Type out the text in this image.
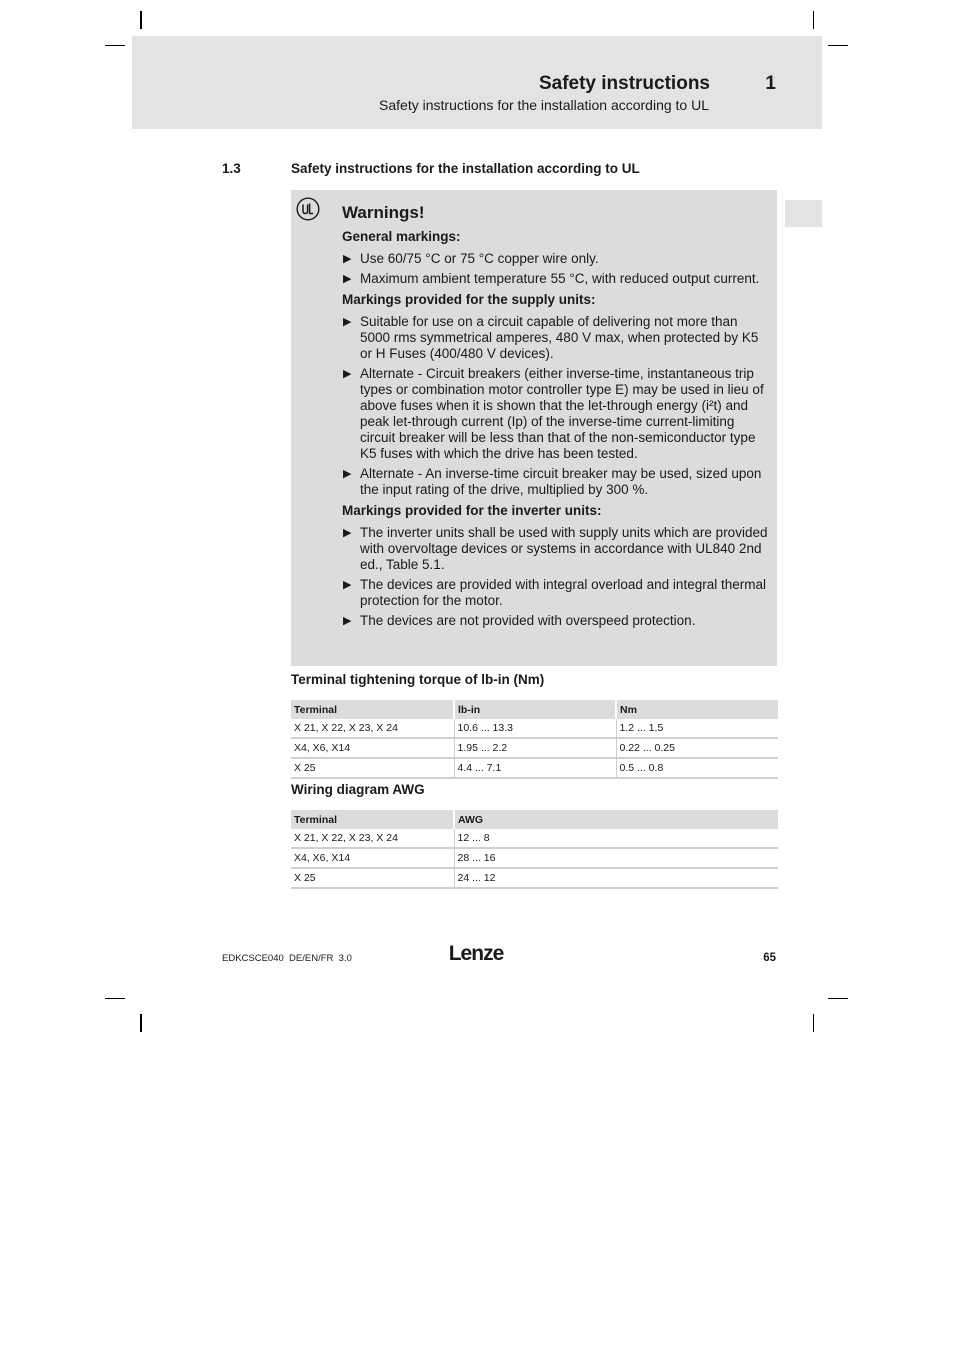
Safety instructions	1
Safety instructions for the installation according to UL
1.3	Safety instructions for the installation according to UL
Warnings!
General markings:
▶ Use 60/75 °C or 75 °C copper wire only.
▶ Maximum ambient temperature 55 °C, with reduced output current.
Markings provided for the supply units:
▶ Suitable for use on a circuit capable of delivering not more than 5000 rms symmetrical amperes, 480 V max, when protected by K5 or H Fuses (400/480 V devices).
▶ Alternate - Circuit breakers (either inverse-time, instantaneous trip types or combination motor controller type E) may be used in lieu of above fuses when it is shown that the let-through energy (i²t) and peak let-through current (Ip) of the inverse-time current-limiting circuit breaker will be less than that of the non-semiconductor type K5 fuses with which the drive has been tested.
▶ Alternate - An inverse-time circuit breaker may be used, sized upon the input rating of the drive, multiplied by 300 %.
Markings provided for the inverter units:
▶ The inverter units shall be used with supply units which are provided with overvoltage devices or systems in accordance with UL840 2nd ed., Table 5.1.
▶ The devices are provided with integral overload and integral thermal protection for the motor.
▶ The devices are not provided with overspeed protection.
Terminal tightening torque of lb-in (Nm)
Terminal	lb-in	Nm
X 21, X 22, X 23, X 24	10.6 ... 13.3	1.2 ... 1.5
X4, X6, X14	1.95 ... 2.2	0.22 ... 0.25
X 25	4.4 ... 7.1	0.5 ... 0.8
Wiring diagram AWG
Terminal	AWG
X 21, X 22, X 23, X 24	12 ... 8
X4, X6, X14	28 ... 16
X 25	24 ... 12
EDKCSCE040  DE/EN/FR  3.0	Lenze	65
